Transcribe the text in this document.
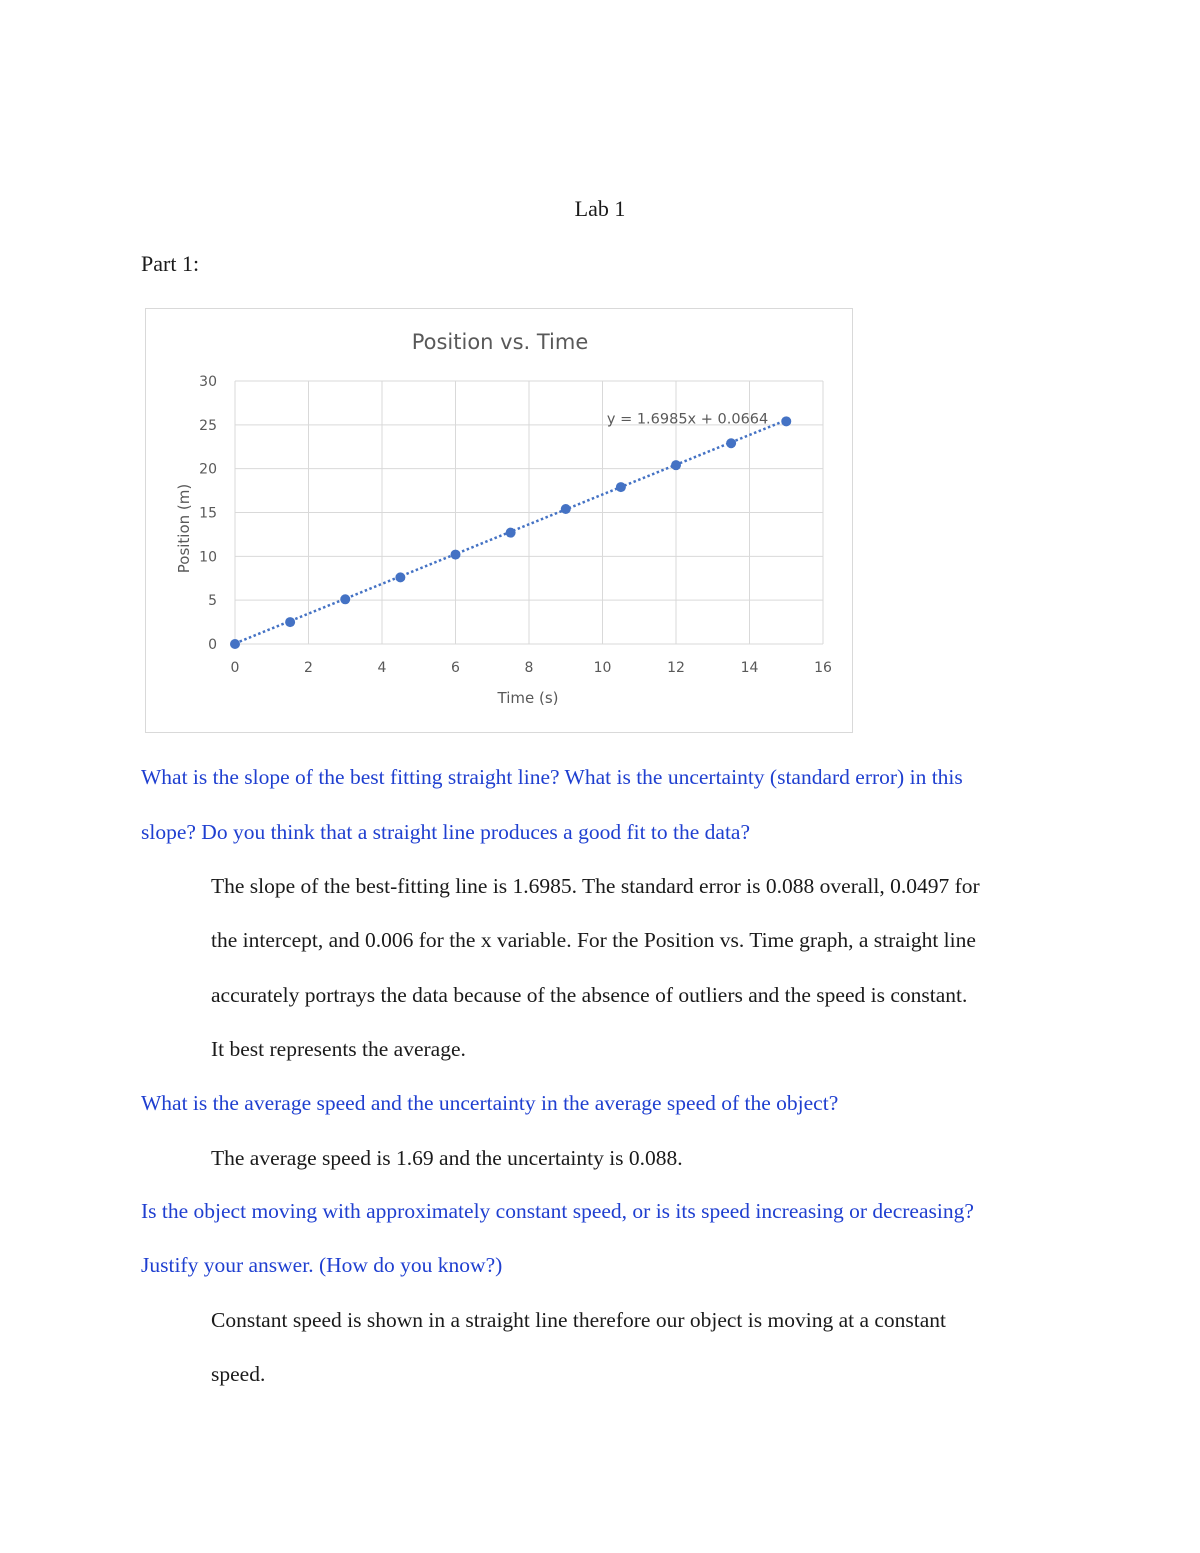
Lab 1
Part 1:
Position vs. Time
0
5
10
15
20
25
30
0	2	4	6	8	10	12	14	16
Time (s)
Position (m)
y = 1.6985x + 0.0664
What is the slope of the best fitting straight line? What is the uncertainty (standard error) in this
slope? Do you think that a straight line produces a good fit to the data?
The slope of the best-fitting line is 1.6985. The standard error is 0.088 overall, 0.0497 for
the intercept, and 0.006 for the x variable. For the Position vs. Time graph, a straight line
accurately portrays the data because of the absence of outliers and the speed is constant.
It best represents the average.
What is the average speed and the uncertainty in the average speed of the object?
The average speed is 1.69 and the uncertainty is 0.088.
Is the object moving with approximately constant speed, or is its speed increasing or decreasing?
Justify your answer. (How do you know?)
Constant speed is shown in a straight line therefore our object is moving at a constant
speed.
